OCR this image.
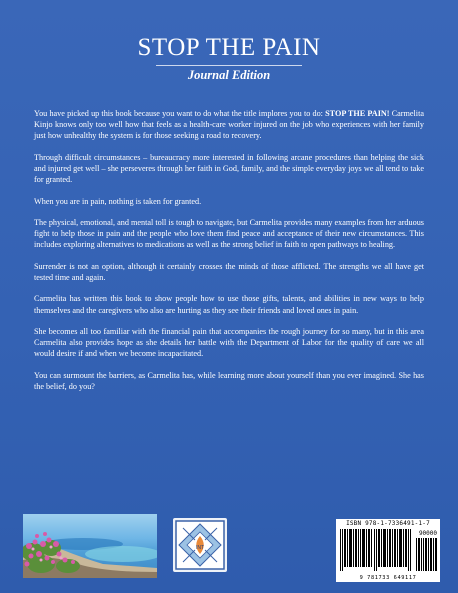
STOP THE PAIN
Journal Edition

You have picked up this book because you want to do what the title implores you to do: STOP THE PAIN! Carmelita Kinjo knows only too well how that feels as a health-care worker injured on the job who experiences with her family just how unhealthy the system is for those seeking a road to recovery.

Through difficult circumstances – bureaucracy more interested in following arcane procedures than helping the sick and injured get well – she perseveres through her faith in God, family, and the simple everyday joys we all tend to take for granted.

When you are in pain, nothing is taken for granted.

The physical, emotional, and mental toll is tough to navigate, but Carmelita provides many examples from her arduous fight to help those in pain and the people who love them find peace and acceptance of their new circumstances. This includes exploring alternatives to medications as well as the strong belief in faith to open pathways to healing.

Surrender is not an option, although it certainly crosses the minds of those afflicted. The strengths we all have get tested time and again.

Carmelita has written this book to show people how to use those gifts, talents, and abilities in new ways to help themselves and the caregivers who also are hurting as they see their friends and loved ones in pain.

She becomes all too familiar with the financial pain that accompanies the rough journey for so many, but in this area Carmelita also provides hope as she details her battle with the Department of Labor for the quality of care we all would desire if and when we become incapacitated.

You can surmount the barriers, as Carmelita has, while learning more about yourself than you ever imagined. She has the belief, do you?

INT
ISBN 978-1-7336491-1-7
90000
9 781733 649117
